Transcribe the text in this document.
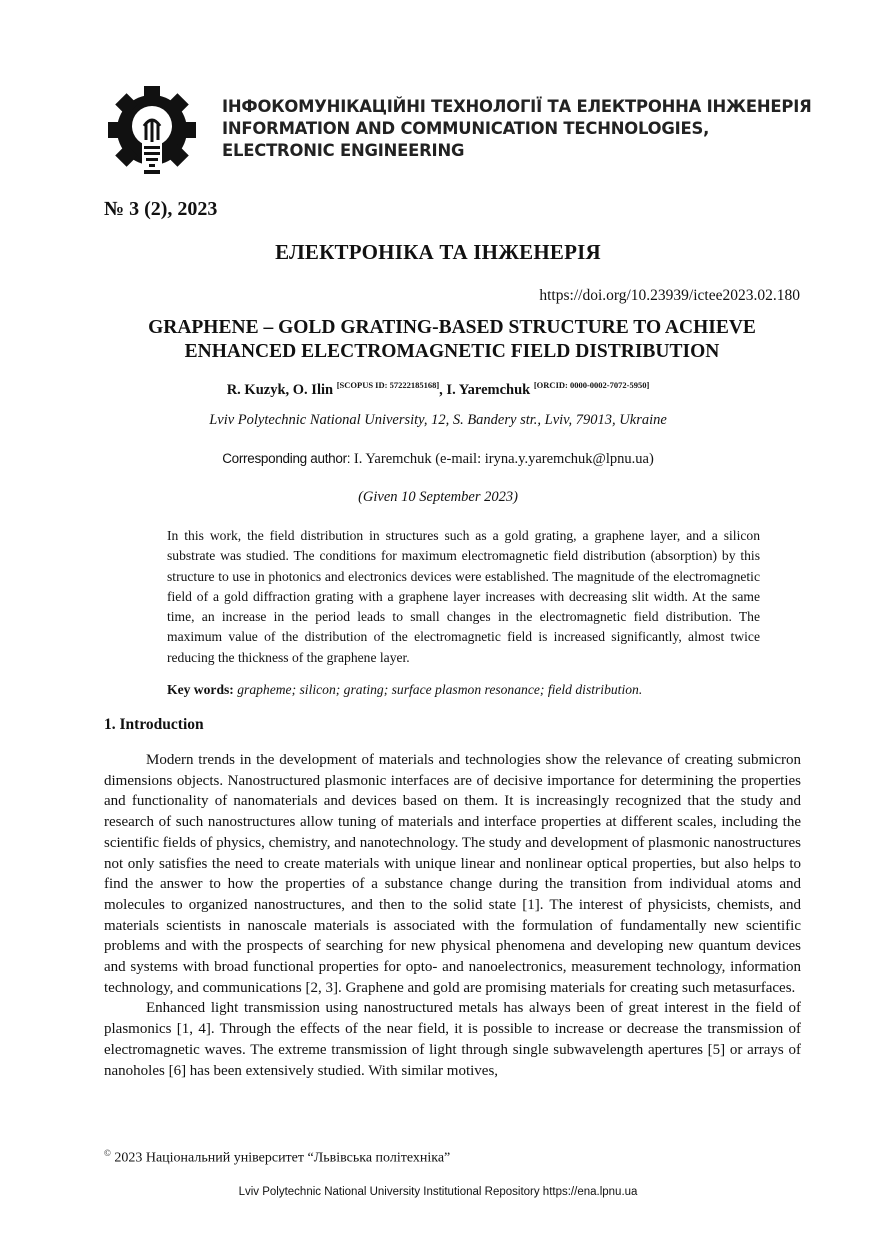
ІНФОКОМУНІКАЦІЙНІ ТЕХНОЛОГІЇ ТА ЕЛЕКТРОННА ІНЖЕНЕРІЯ
INFORMATION AND COMMUNICATION TECHNOLOGIES,
ELECTRONIC ENGINEERING
№ 3 (2), 2023
ЕЛЕКТРОНІКА ТА ІНЖЕНЕРІЯ
https://doi.org/10.23939/ictee2023.02.180
GRAPHENE – GOLD GRATING-BASED STRUCTURE TO ACHIEVE
ENHANCED ELECTROMAGNETIC FIELD DISTRIBUTION
R. Kuzyk, O. Ilin [SCOPUS ID: 57222185168], I. Yaremchuk [ORCID: 0000-0002-7072-5950]
Lviv Polytechnic National University, 12, S. Bandery str., Lviv, 79013, Ukraine
Corresponding author: I. Yaremchuk (e-mail: iryna.y.yaremchuk@lpnu.ua)
(Given 10 September 2023)
In this work, the field distribution in structures such as a gold grating, a graphene layer, and a silicon substrate was studied. The conditions for maximum electromagnetic field distribution (absorption) by this structure to use in photonics and electronics devices were established. The magnitude of the electromagnetic field of a gold diffraction grating with a graphene layer increases with decreasing slit width. At the same time, an increase in the period leads to small changes in the electromagnetic field distribution. The maximum value of the distribution of the electromagnetic field is increased significantly, almost twice reducing the thickness of the graphene layer.
Key words: grapheme; silicon; grating; surface plasmon resonance; field distribution.
1. Introduction

Modern trends in the development of materials and technologies show the relevance of creating submicron dimensions objects. Nanostructured plasmonic interfaces are of decisive importance for determining the properties and functionality of nanomaterials and devices based on them. It is increasingly recognized that the study and research of such nanostructures allow tuning of materials and interface properties at different scales, including the scientific fields of physics, chemistry, and nanotechnology. The study and development of plasmonic nanostructures not only satisfies the need to create materials with unique linear and nonlinear optical properties, but also helps to find the answer to how the properties of a substance change during the transition from individual atoms and molecules to organized nanostructures, and then to the solid state [1]. The interest of physicists, chemists, and materials scientists in nanoscale materials is associated with the formulation of fundamentally new scientific problems and with the prospects of searching for new physical phenomena and developing new quantum devices and systems with broad functional properties for opto- and nanoelectronics, measurement technology, information technology, and communications [2, 3]. Graphene and gold are promising materials for creating such metasurfaces.

Enhanced light transmission using nanostructured metals has always been of great interest in the field of plasmonics [1, 4]. Through the effects of the near field, it is possible to increase or decrease the transmission of electromagnetic waves. The extreme transmission of light through single subwavelength apertures [5] or arrays of nanoholes [6] has been extensively studied. With similar motives,

© 2023 Національний університет “Львівська політехніка”
Lviv Polytechnic National University Institutional Repository https://ena.lpnu.ua
